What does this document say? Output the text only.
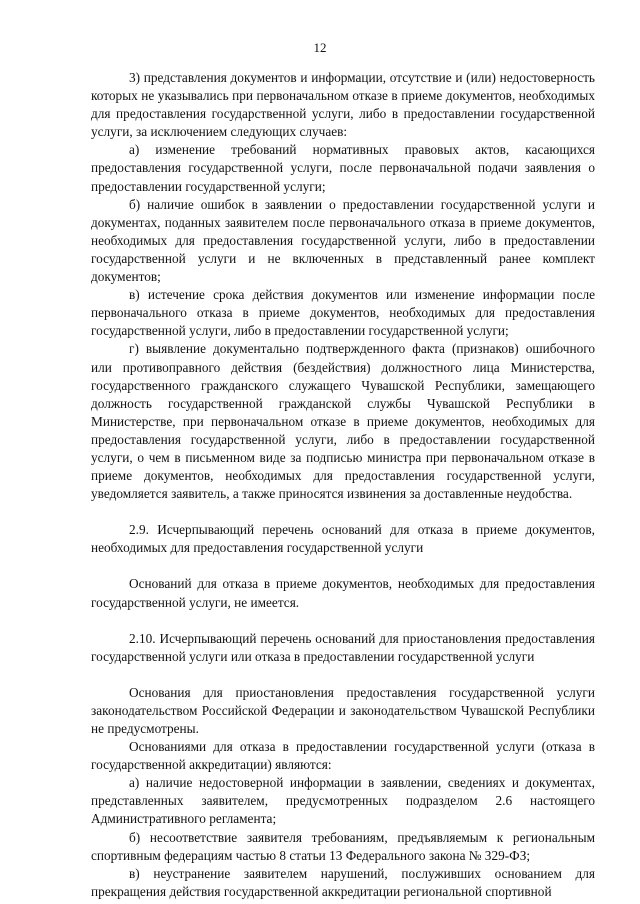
12

3) представления документов и информации, отсутствие и (или) недостоверность которых не указывались при первоначальном отказе в приеме документов, необходимых для предоставления государственной услуги, либо в предоставлении государственной услуги, за исключением следующих случаев:

а) изменение требований нормативных правовых актов, касающихся предоставления государственной услуги, после первоначальной подачи заявления о предоставлении государственной услуги;

б) наличие ошибок в заявлении о предоставлении государственной услуги и документах, поданных заявителем после первоначального отказа в приеме документов, необходимых для предоставления государственной услуги, либо в предоставлении государственной услуги и не включенных в представленный ранее комплект документов;

в) истечение срока действия документов или изменение информации после первоначального отказа в приеме документов, необходимых для предоставления государственной услуги, либо в предоставлении государственной услуги;

г) выявление документально подтвержденного факта (признаков) ошибочного или противоправного действия (бездействия) должностного лица Министерства, государственного гражданского служащего Чувашской Республики, замещающего должность государственной гражданской службы Чувашской Республики в Министерстве, при первоначальном отказе в приеме документов, необходимых для предоставления государственной услуги, либо в предоставлении государственной услуги, о чем в письменном виде за подписью министра при первоначальном отказе в приеме документов, необходимых для предоставления государственной услуги, уведомляется заявитель, а также приносятся извинения за доставленные неудобства.

2.9. Исчерпывающий перечень оснований для отказа в приеме документов, необходимых для предоставления государственной услуги

Оснований для отказа в приеме документов, необходимых для предоставления государственной услуги, не имеется.

2.10. Исчерпывающий перечень оснований для приостановления предоставления государственной услуги или отказа в предоставлении государственной услуги

Основания для приостановления предоставления государственной услуги законодательством Российской Федерации и законодательством Чувашской Республики не предусмотрены.

Основаниями для отказа в предоставлении государственной услуги (отказа в государственной аккредитации) являются:

а) наличие недостоверной информации в заявлении, сведениях и документах, представленных заявителем, предусмотренных подразделом 2.6 настоящего Административного регламента;

б) несоответствие заявителя требованиям, предъявляемым к региональным спортивным федерациям частью 8 статьи 13 Федерального закона № 329-ФЗ;

в) неустранение заявителем нарушений, послуживших основанием для прекращения действия государственной аккредитации региональной спортивной
